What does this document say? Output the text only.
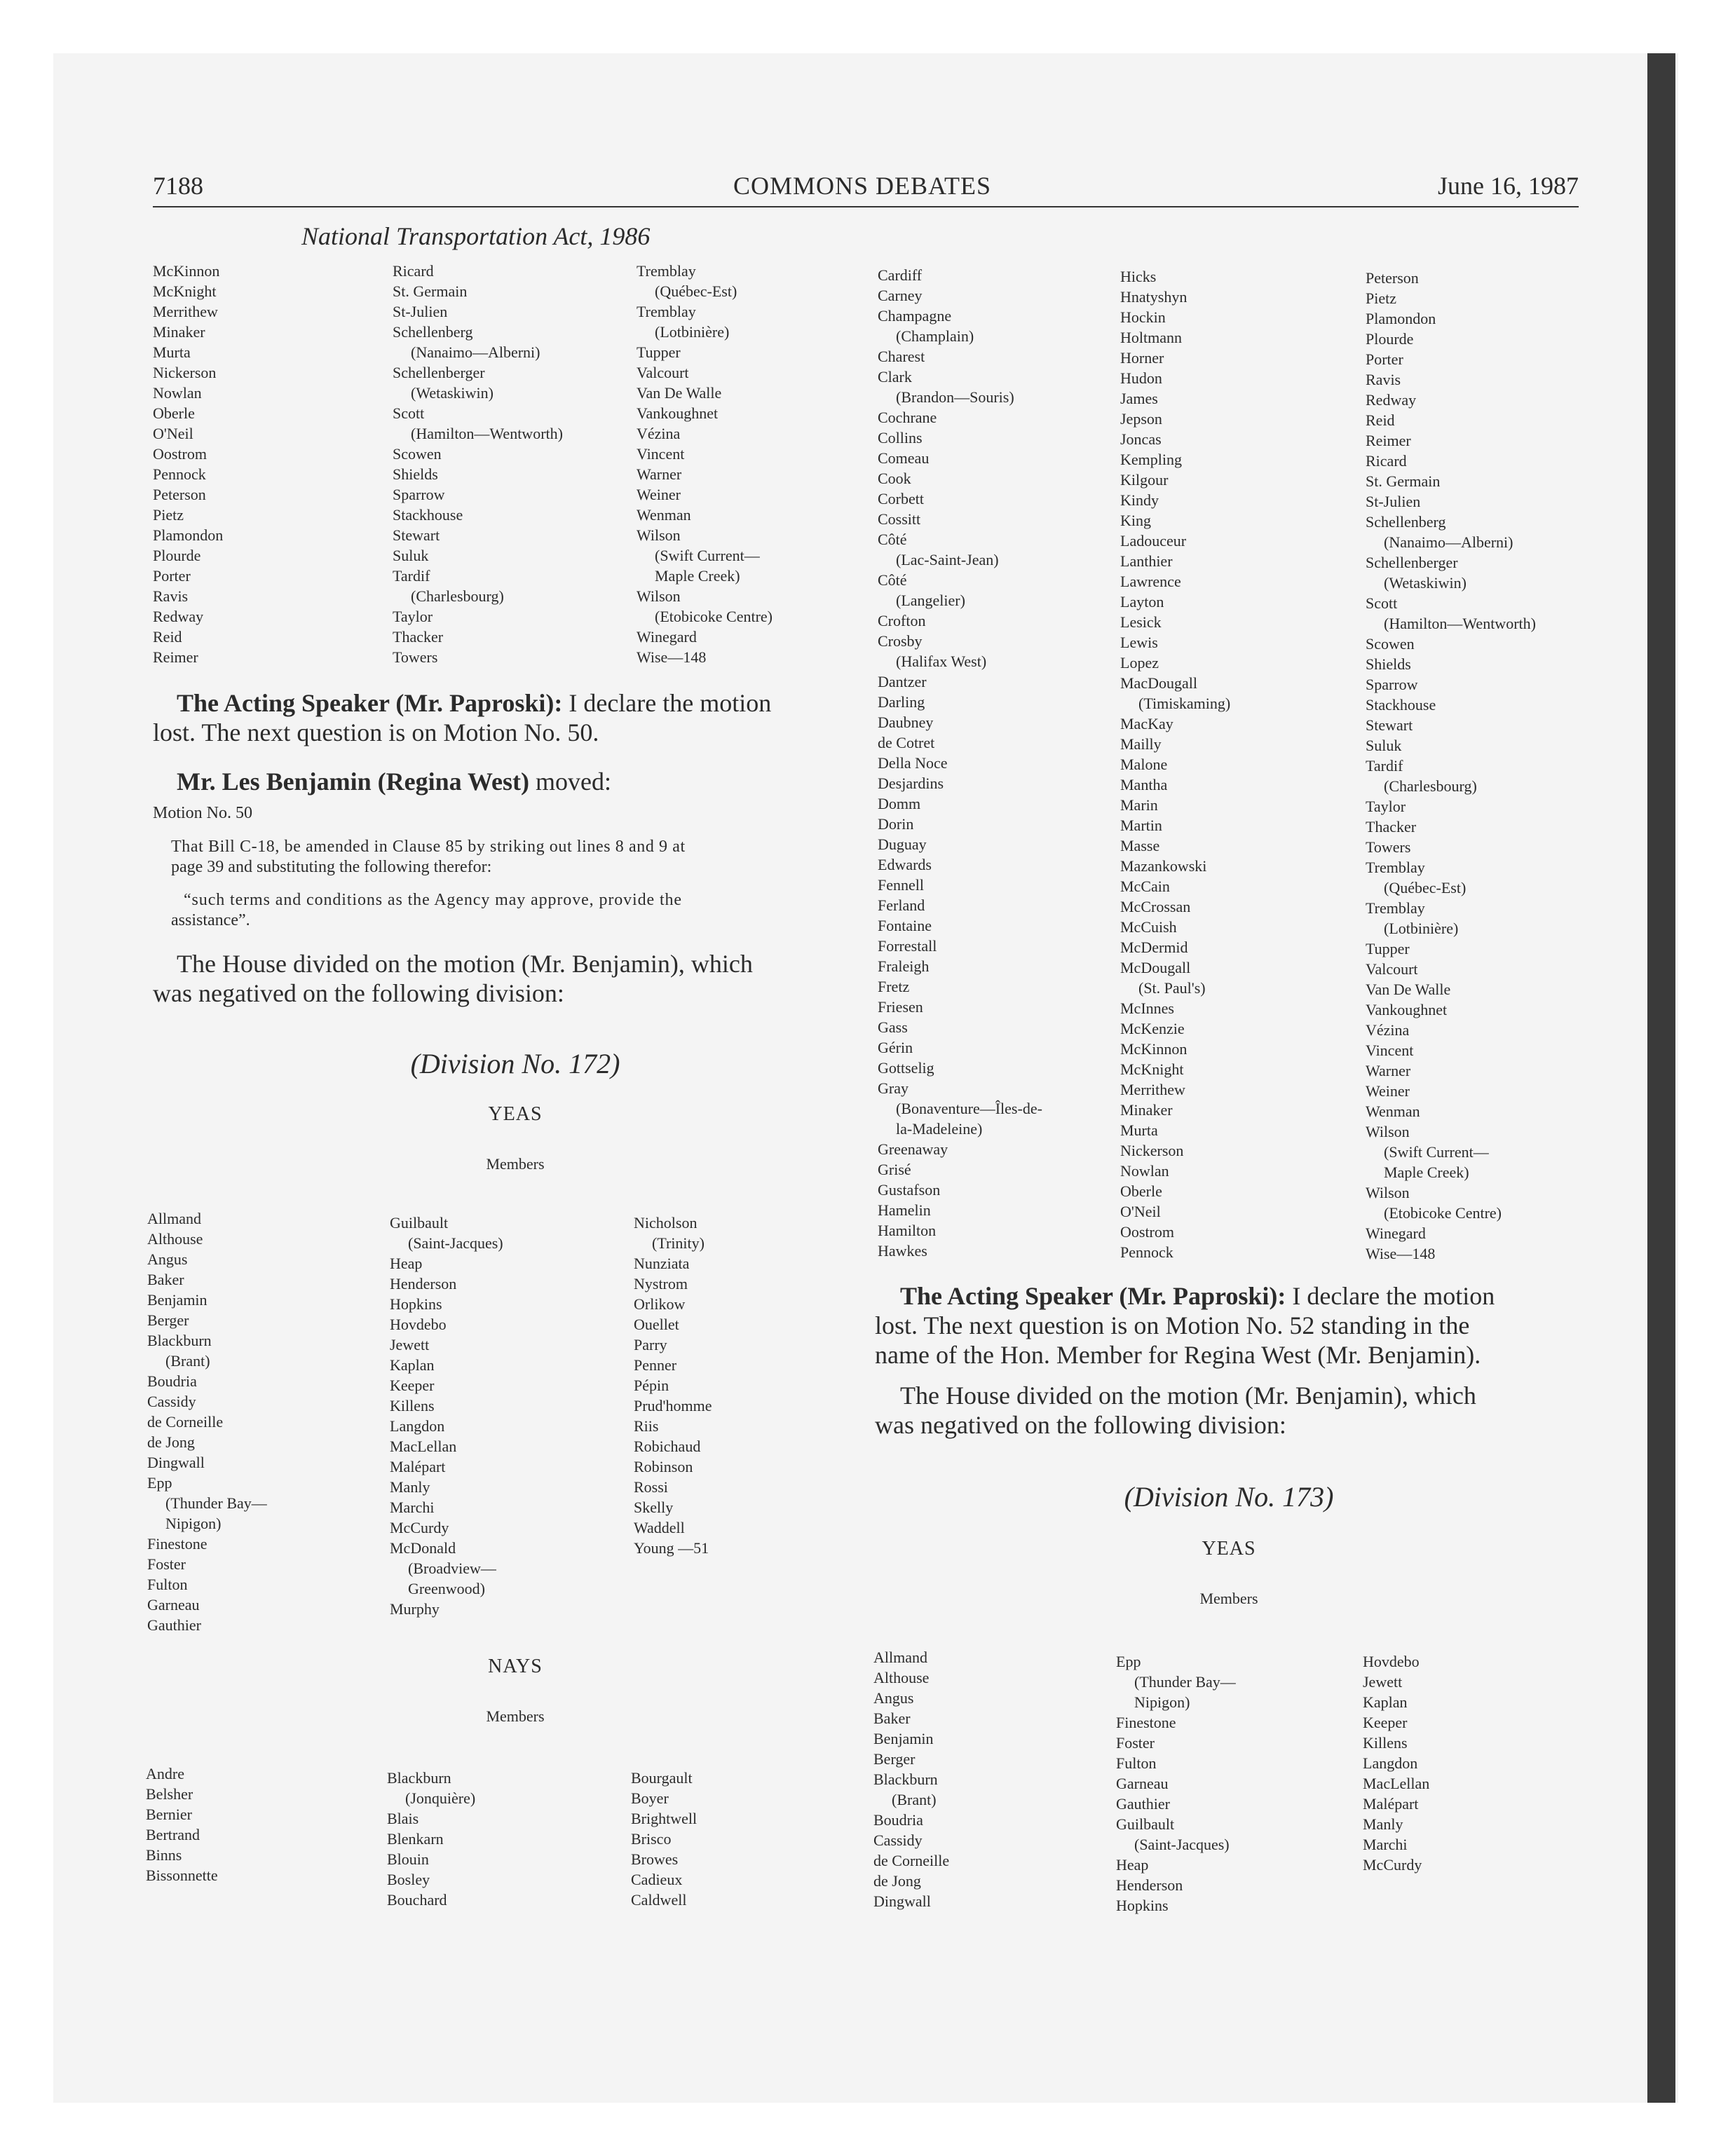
7188	COMMONS DEBATES	June 16, 1987
National Transportation Act, 1986
McKinnon
McKnight
Merrithew
Minaker
Murta
Nickerson
Nowlan
Oberle
O'Neil
Oostrom
Pennock
Peterson
Pietz
Plamondon
Plourde
Porter
Ravis
Redway
Reid
Reimer
Ricard
St. Germain
St-Julien
Schellenberg
(Nanaimo—Alberni)
Schellenberger
(Wetaskiwin)
Scott
(Hamilton—Wentworth)
Scowen
Shields
Sparrow
Stackhouse
Stewart
Suluk
Tardif
(Charlesbourg)
Taylor
Thacker
Towers
Tremblay
(Québec-Est)
Tremblay
(Lotbinière)
Tupper
Valcourt
Van De Walle
Vankoughnet
Vézina
Vincent
Warner
Weiner
Wenman
Wilson
(Swift Current—
Maple Creek)
Wilson
(Etobicoke Centre)
Winegard
Wise—148
The Acting Speaker (Mr. Paproski): I declare the motion
lost. The next question is on Motion No. 50.
Mr. Les Benjamin (Regina West) moved:
Motion No. 50
That Bill C-18, be amended in Clause 85 by striking out lines 8 and 9 at
page 39 and substituting the following therefor:
“such terms and conditions as the Agency may approve, provide the
assistance”.
The House divided on the motion (Mr. Benjamin), which
was negatived on the following division:
(Division No. 172)
YEAS
Members
Allmand
Althouse
Angus
Baker
Benjamin
Berger
Blackburn
(Brant)
Boudria
Cassidy
de Corneille
de Jong
Dingwall
Epp
(Thunder Bay—
Nipigon)
Finestone
Foster
Fulton
Garneau
Gauthier
Guilbault
(Saint-Jacques)
Heap
Henderson
Hopkins
Hovdebo
Jewett
Kaplan
Keeper
Killens
Langdon
MacLellan
Malépart
Manly
Marchi
McCurdy
McDonald
(Broadview—
Greenwood)
Murphy
Nicholson
(Trinity)
Nunziata
Nystrom
Orlikow
Ouellet
Parry
Penner
Pépin
Prud'homme
Riis
Robichaud
Robinson
Rossi
Skelly
Waddell
Young —51
NAYS
Members
Andre
Belsher
Bernier
Bertrand
Binns
Bissonnette
Blackburn
(Jonquière)
Blais
Blenkarn
Blouin
Bosley
Bouchard
Bourgault
Boyer
Brightwell
Brisco
Browes
Cadieux
Caldwell
Cardiff
Carney
Champagne
(Champlain)
Charest
Clark
(Brandon—Souris)
Cochrane
Collins
Comeau
Cook
Corbett
Cossitt
Côté
(Lac-Saint-Jean)
Côté
(Langelier)
Crofton
Crosby
(Halifax West)
Dantzer
Darling
Daubney
de Cotret
Della Noce
Desjardins
Domm
Dorin
Duguay
Edwards
Fennell
Ferland
Fontaine
Forrestall
Fraleigh
Fretz
Friesen
Gass
Gérin
Gottselig
Gray
(Bonaventure—Îles-de-
la-Madeleine)
Greenaway
Grisé
Gustafson
Hamelin
Hamilton
Hawkes
Hicks
Hnatyshyn
Hockin
Holtmann
Horner
Hudon
James
Jepson
Joncas
Kempling
Kilgour
Kindy
King
Ladouceur
Lanthier
Lawrence
Layton
Lesick
Lewis
Lopez
MacDougall
(Timiskaming)
MacKay
Mailly
Malone
Mantha
Marin
Martin
Masse
Mazankowski
McCain
McCrossan
McCuish
McDermid
McDougall
(St. Paul's)
McInnes
McKenzie
McKinnon
McKnight
Merrithew
Minaker
Murta
Nickerson
Nowlan
Oberle
O'Neil
Oostrom
Pennock
Peterson
Pietz
Plamondon
Plourde
Porter
Ravis
Redway
Reid
Reimer
Ricard
St. Germain
St-Julien
Schellenberg
(Nanaimo—Alberni)
Schellenberger
(Wetaskiwin)
Scott
(Hamilton—Wentworth)
Scowen
Shields
Sparrow
Stackhouse
Stewart
Suluk
Tardif
(Charlesbourg)
Taylor
Thacker
Towers
Tremblay
(Québec-Est)
Tremblay
(Lotbinière)
Tupper
Valcourt
Van De Walle
Vankoughnet
Vézina
Vincent
Warner
Weiner
Wenman
Wilson
(Swift Current—
Maple Creek)
Wilson
(Etobicoke Centre)
Winegard
Wise—148
The Acting Speaker (Mr. Paproski): I declare the motion
lost. The next question is on Motion No. 52 standing in the
name of the Hon. Member for Regina West (Mr. Benjamin).
The House divided on the motion (Mr. Benjamin), which
was negatived on the following division:
(Division No. 173)
YEAS
Members
Allmand
Althouse
Angus
Baker
Benjamin
Berger
Blackburn
(Brant)
Boudria
Cassidy
de Corneille
de Jong
Dingwall
Epp
(Thunder Bay—
Nipigon)
Finestone
Foster
Fulton
Garneau
Gauthier
Guilbault
(Saint-Jacques)
Heap
Henderson
Hopkins
Hovdebo
Jewett
Kaplan
Keeper
Killens
Langdon
MacLellan
Malépart
Manly
Marchi
McCurdy
